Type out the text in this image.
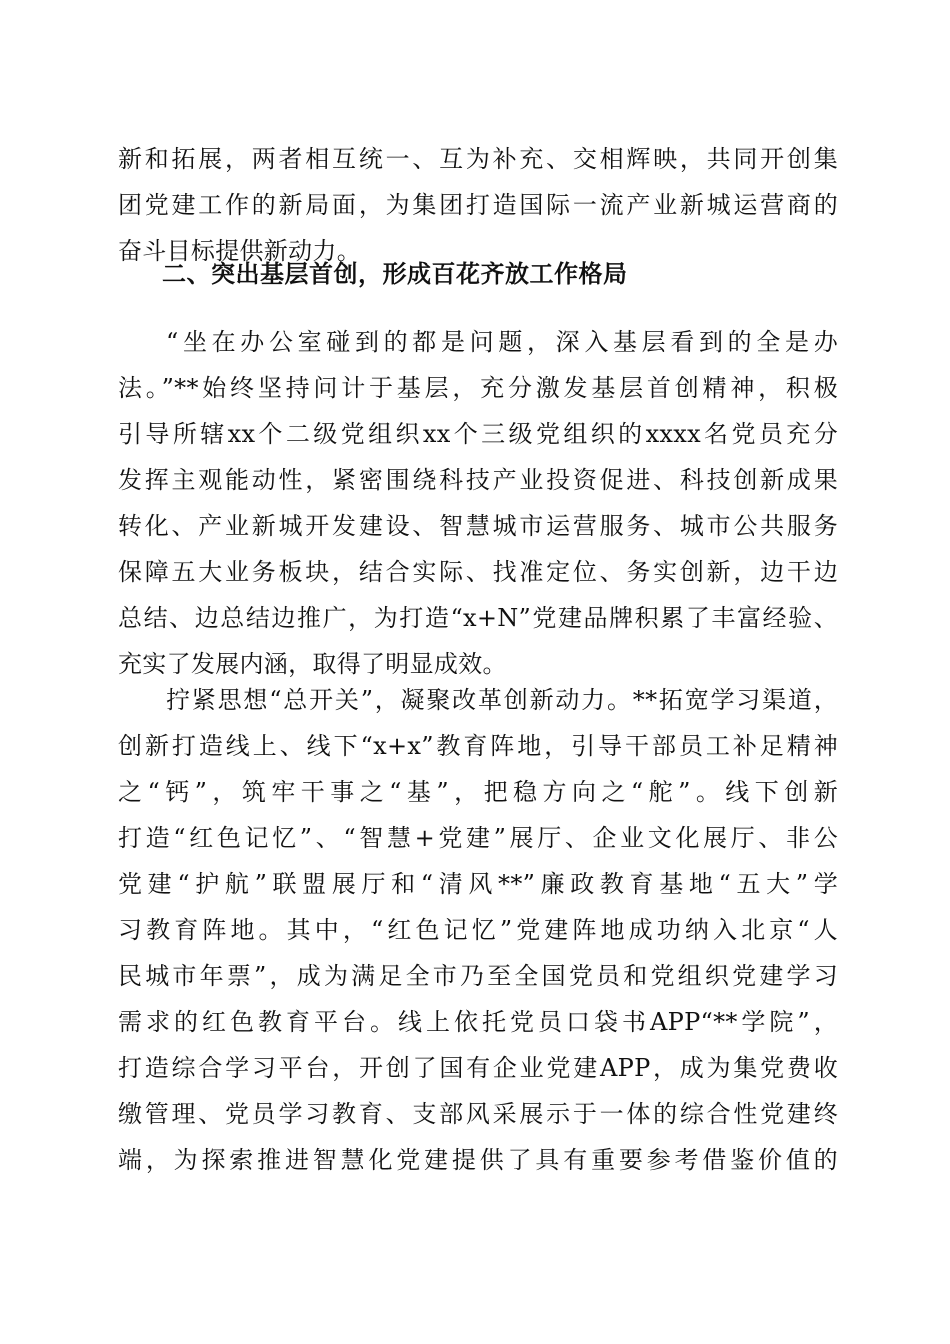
新和拓展，两者相互统一、互为补充、交相辉映，共同开创集
团党建工作的新局面，为集团打造国际一流产业新城运营商的
奋斗目标提供新动力。
二、突出基层首创，形成百花齐放工作格局
“坐在办公室碰到的都是问题，深入基层看到的全是办
法。”**始终坚持问计于基层，充分激发基层首创精神，积极
引导所辖xx个二级党组织xx个三级党组织的xxxx名党员充分
发挥主观能动性，紧密围绕科技产业投资促进、科技创新成果
转化、产业新城开发建设、智慧城市运营服务、城市公共服务
保障五大业务板块，结合实际、找准定位、务实创新，边干边
总结、边总结边推广，为打造“x+N”党建品牌积累了丰富经验、
充实了发展内涵，取得了明显成效。
拧紧思想“总开关”，凝聚改革创新动力。**拓宽学习渠道，
创新打造线上、线下“x+x”教育阵地，引导干部员工补足精神
之“钙”，筑牢干事之“基”，把稳方向之“舵”。线下创新
打造“红色记忆”、“智慧+党建”展厅、企业文化展厅、非公
党建“护航”联盟展厅和“清风**”廉政教育基地“五大”学
习教育阵地。其中，“红色记忆”党建阵地成功纳入北京“人
民城市年票”，成为满足全市乃至全国党员和党组织党建学习
需求的红色教育平台。线上依托党员口袋书APP“**学院”，
打造综合学习平台，开创了国有企业党建APP，成为集党费收
缴管理、党员学习教育、支部风采展示于一体的综合性党建终
端，为探索推进智慧化党建提供了具有重要参考借鉴价值的
